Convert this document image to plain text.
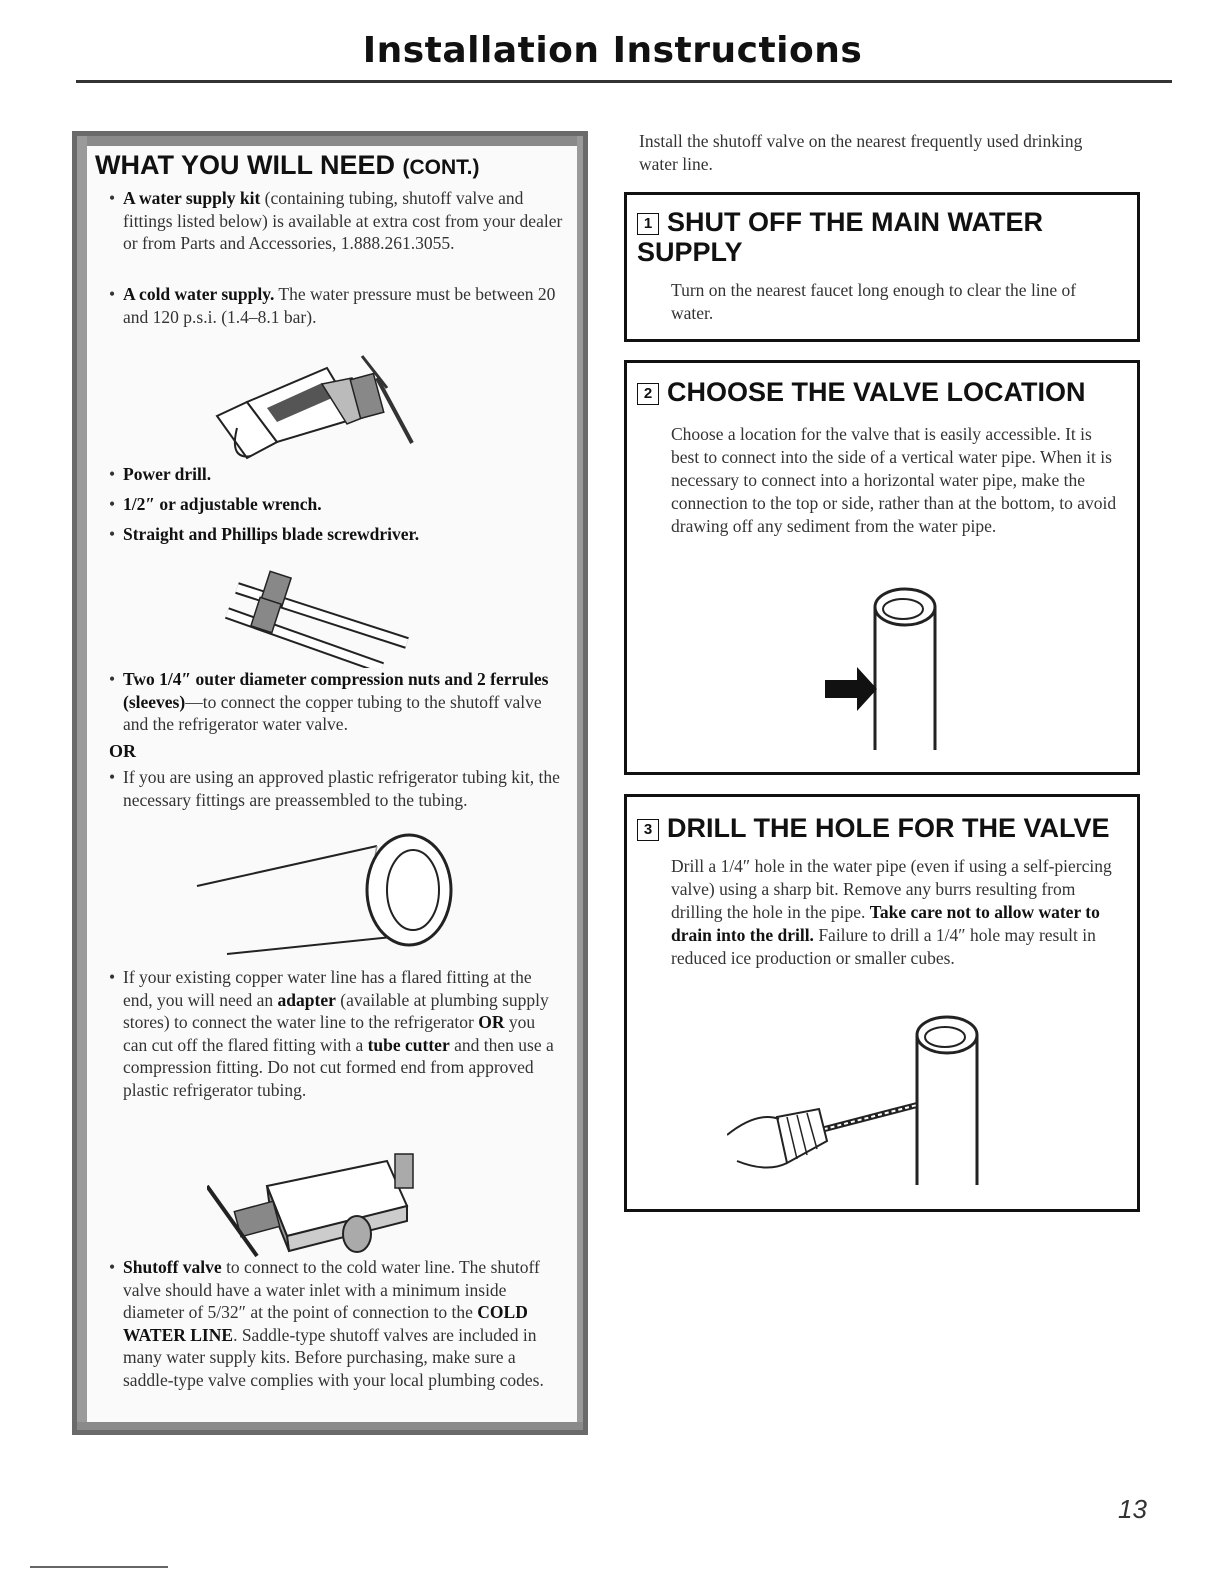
Installation Instructions
WHAT YOU WILL NEED (CONT.)

• A water supply kit (containing tubing, shutoff valve and fittings listed below) is available at extra cost from your dealer or from Parts and Accessories, 1.888.261.3055.

• A cold water supply. The water pressure must be between 20 and 120 p.s.i. (1.4–8.1 bar).

• Power drill.

• 1/2″ or adjustable wrench.

• Straight and Phillips blade screwdriver.

• Two 1/4″ outer diameter compression nuts and 2 ferrules (sleeves)—to connect the copper tubing to the shutoff valve and the refrigerator water valve.

OR

• If you are using an approved plastic refrigerator tubing kit, the necessary fittings are preassembled to the tubing.

• If your existing copper water line has a flared fitting at the end, you will need an adapter (available at plumbing supply stores) to connect the water line to the refrigerator OR you can cut off the flared fitting with a tube cutter and then use a compression fitting. Do not cut formed end from approved plastic refrigerator tubing.

• Shutoff valve to connect to the cold water line. The shutoff valve should have a water inlet with a minimum inside diameter of 5/32″ at the point of connection to the COLD WATER LINE. Saddle-type shutoff valves are included in many water supply kits. Before purchasing, make sure a saddle-type valve complies with your local plumbing codes.

Install the shutoff valve on the nearest frequently used drinking water line.

1 SHUT OFF THE MAIN WATER SUPPLY

Turn on the nearest faucet long enough to clear the line of water.

2 CHOOSE THE VALVE LOCATION

Choose a location for the valve that is easily accessible. It is best to connect into the side of a vertical water pipe. When it is necessary to connect into a horizontal water pipe, make the connection to the top or side, rather than at the bottom, to avoid drawing off any sediment from the water pipe.

3 DRILL THE HOLE FOR THE VALVE

Drill a 1/4″ hole in the water pipe (even if using a self-piercing valve) using a sharp bit. Remove any burrs resulting from drilling the hole in the pipe. Take care not to allow water to drain into the drill. Failure to drill a 1/4″ hole may result in reduced ice production or smaller cubes.

13
